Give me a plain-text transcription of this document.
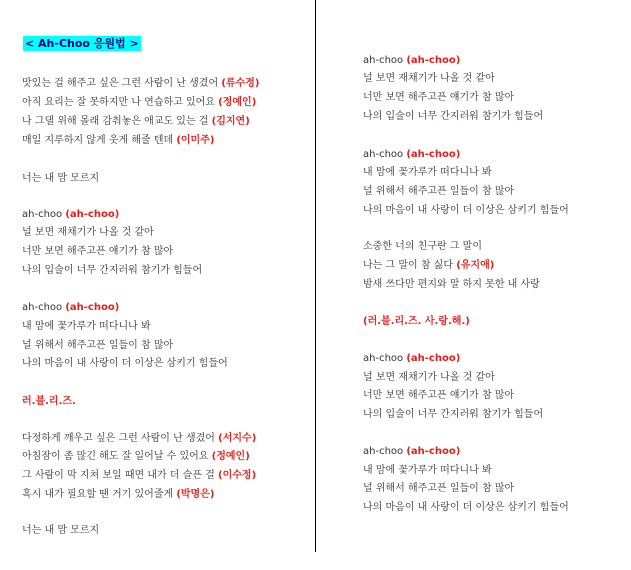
< Ah-Choo 응원법 >
맛있는 걸 해주고 싶은 그런 사람이 난 생겼어 (류수정)
아직 요리는 잘 못하지만 나 연습하고 있어요 (정예인)
나 그댈 위해 몰래 감춰놓은 애교도 있는 걸 (김지연)
매일 지루하지 않게 웃게 해줄 텐데 (이미주)
너는 내 맘 모르지
ah-choo (ah-choo)
널 보면 재채기가 나올 것 같아
너만 보면 해주고픈 얘기가 참 많아
나의 입술이 너무 간지러워 참기가 힘들어
ah-choo (ah-choo)
내 맘에 꽃가루가 떠다니나 봐
널 위해서 해주고픈 일들이 참 많아
나의 마음이 내 사랑이 더 이상은 삼키기 힘들어
러.블.리.즈.
다정하게 깨우고 싶은 그런 사람이 난 생겼어 (서지수)
아침잠이 좀 많긴 해도 잘 일어날 수 있어요 (정예인)
그 사람이 막 지쳐 보일 때면 내가 더 슬픈 걸 (이수정)
혹시 내가 필요할 땐 거기 있어줄게 (박명은)
너는 내 맘 모르지
ah-choo (ah-choo)
널 보면 재채기가 나올 것 같아
너만 보면 해주고픈 얘기가 참 많아
나의 입술이 너무 간지러워 참기가 힘들어
ah-choo (ah-choo)
내 맘에 꽃가루가 떠다니나 봐
널 위해서 해주고픈 일들이 참 많아
나의 마음이 내 사랑이 더 이상은 삼키기 힘들어
소중한 너의 친구란 그 말이
나는 그 말이 참 싫다 (유지애)
밤새 쓰다만 편지와 말 하지 못한 내 사랑
(러.블.리.즈. 사.랑.해.)
ah-choo (ah-choo)
널 보면 재채기가 나올 것 같아
너만 보면 해주고픈 얘기가 참 많아
나의 입술이 너무 간지러워 참기가 힘들어
ah-choo (ah-choo)
내 맘에 꽃가루가 떠다니나 봐
널 위해서 해주고픈 일들이 참 많아
나의 마음이 내 사랑이 더 이상은 삼키기 힘들어
